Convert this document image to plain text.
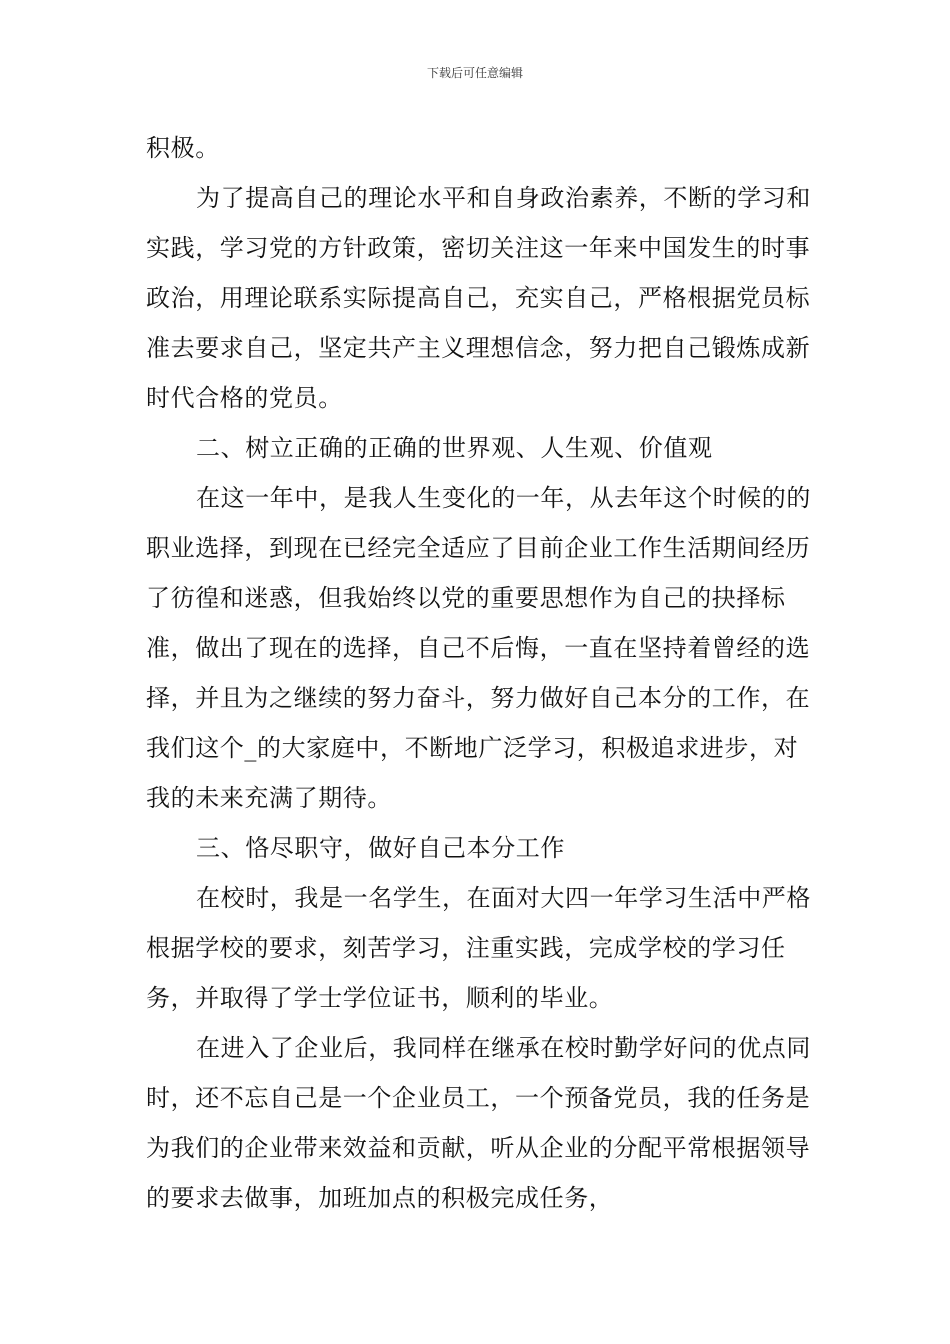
下载后可任意编辑

积极。

为了提高自己的理论水平和自身政治素养，不断的学习和实践，学习党的方针政策，密切关注这一年来中国发生的时事政治，用理论联系实际提高自己，充实自己，严格根据党员标准去要求自己，坚定共产主义理想信念，努力把自己锻炼成新时代合格的党员。

二、树立正确的正确的世界观、人生观、价值观

在这一年中，是我人生变化的一年，从去年这个时候的的职业选择，到现在已经完全适应了目前企业工作生活期间经历了彷徨和迷惑，但我始终以党的重要思想作为自己的抉择标准，做出了现在的选择，自己不后悔，一直在坚持着曾经的选择，并且为之继续的努力奋斗，努力做好自己本分的工作，在我们这个_的大家庭中，不断地广泛学习，积极追求进步，对我的未来充满了期待。

三、恪尽职守，做好自己本分工作

在校时，我是一名学生，在面对大四一年学习生活中严格根据学校的要求，刻苦学习，注重实践，完成学校的学习任务，并取得了学士学位证书，顺利的毕业。

在进入了企业后，我同样在继承在校时勤学好问的优点同时，还不忘自己是一个企业员工，一个预备党员，我的任务是为我们的企业带来效益和贡献，听从企业的分配平常根据领导的要求去做事，加班加点的积极完成任务，
